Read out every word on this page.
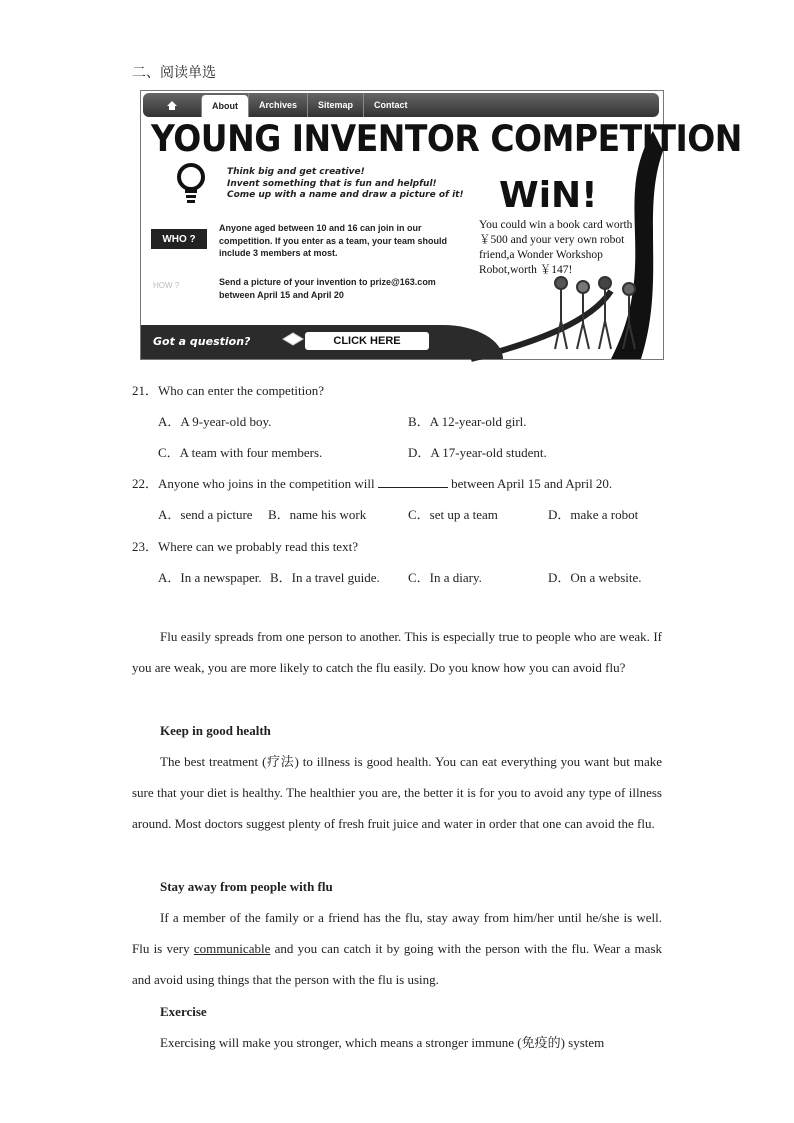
二、阅读单选
About	Archives	Sitemap	Contact
YOUNG INVENTOR COMPETITION
Think big and get creative!
Invent something that is fun and helpful!
Come up with a name and draw a picture of it!
WHO ?
Anyone aged between 10 and 16 can join in our competition. If you enter as a team, your team should include 3 members at most.
HOW ?	Send a picture of your invention to prize@163.com between April 15 and April 20
WiN!
You could win a book card worth ￥500 and your very own robot friend,a Wonder Workshop Robot,worth ￥147!
Got a question?	CLICK HERE
21．Who can enter the competition?
A．A 9-year-old boy.	B．A 12-year-old girl.
C．A team with four members.	D．A 17-year-old student.
22．Anyone who joins in the competition will	between April 15 and April 20.
A．send a picture B．name his work	C．set up a team	D．make a robot
23．Where can we probably read this text?
A．In a newspaper. B．In a travel guide. C．In a diary.	D．On a website.
Flu easily spreads from one person to another. This is especially true to people who are weak. If you are weak, you are more likely to catch the flu easily. Do you know how you can avoid flu?
Keep in good health
The best treatment (疗法) to illness is good health. You can eat everything you want but make sure that your diet is healthy. The healthier you are, the better it is for you to avoid any type of illness around. Most doctors suggest plenty of fresh fruit juice and water in order that one can avoid the flu.
Stay away from people with flu
If a member of the family or a friend has the flu, stay away from him/her until he/she is well. Flu is very communicable and you can catch it by going with the person with the flu. Wear a mask and avoid using things that the person with the flu is using.
Exercise
Exercising will make you stronger, which means a stronger immune (免疫的) system
